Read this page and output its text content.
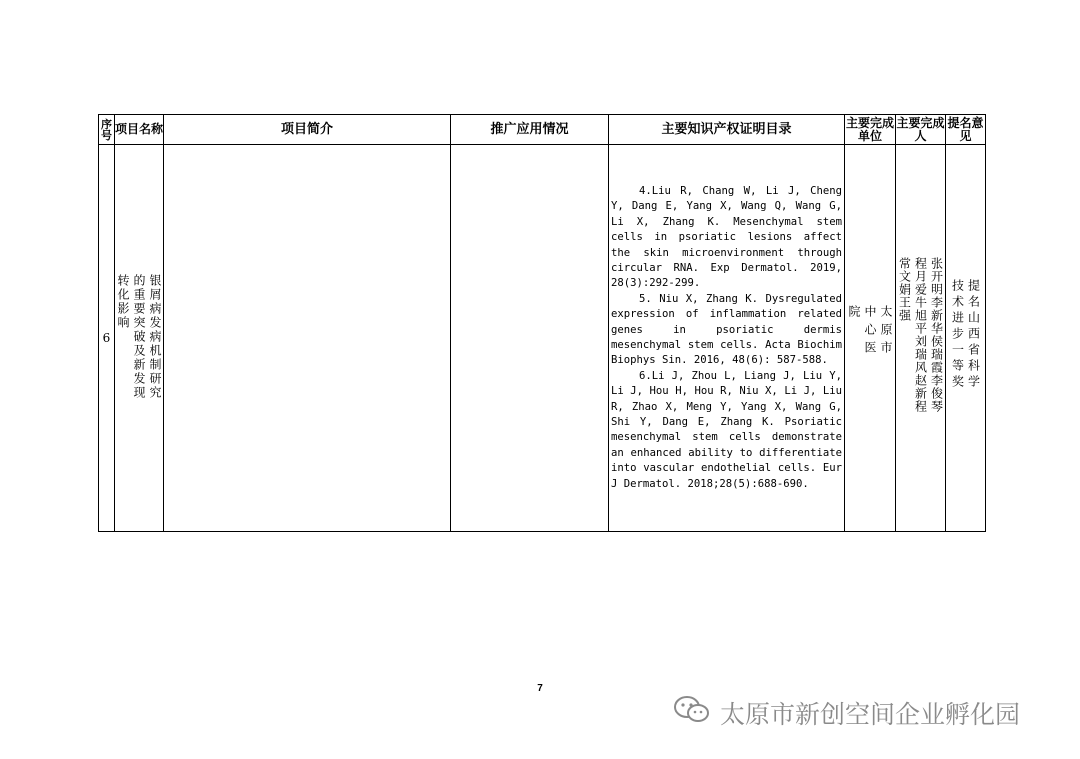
序号	项目名称	项目简介	推广应用情况	主要知识产权证明目录	主要完成单位	主要完成人	提名意见
6	银屑病发病机制研究的重要突破及新发现转化影响			4.Liu R, Chang W, Li J, Cheng Y, Dang E, Yang X, Wang Q, Wang G, Li X, Zhang K. Mesenchymal stem cells in psoriatic lesions affect the skin microenvironment through circular RNA. Exp Dermatol. 2019, 28(3):292-299.

5. Niu X, Zhang K. Dysregulated expression of inflammation related genes in psoriatic dermis mesenchymal stem cells. Acta Biochim Biophys Sin. 2016, 48(6): 587-588.

6.Li J, Zhou L, Liang J, Liu Y, Li J, Hou H, Hou R, Niu X, Li J, Liu R, Zhao X, Meng Y, Yang X, Wang G, Shi Y, Dang E, Zhang K. Psoriatic mesenchymal stem cells demonstrate an enhanced ability to differentiate into vascular endothelial cells. Eur J Dermatol. 2018;28(5):688-690.	太原市中心医院	张开明李新华侯瑞霞李俊琴程月爱牛旭平刘瑞风赵新程常文娟王强	提名山西省科学技术进步一等奖
7
太原市新创空间企业孵化园
